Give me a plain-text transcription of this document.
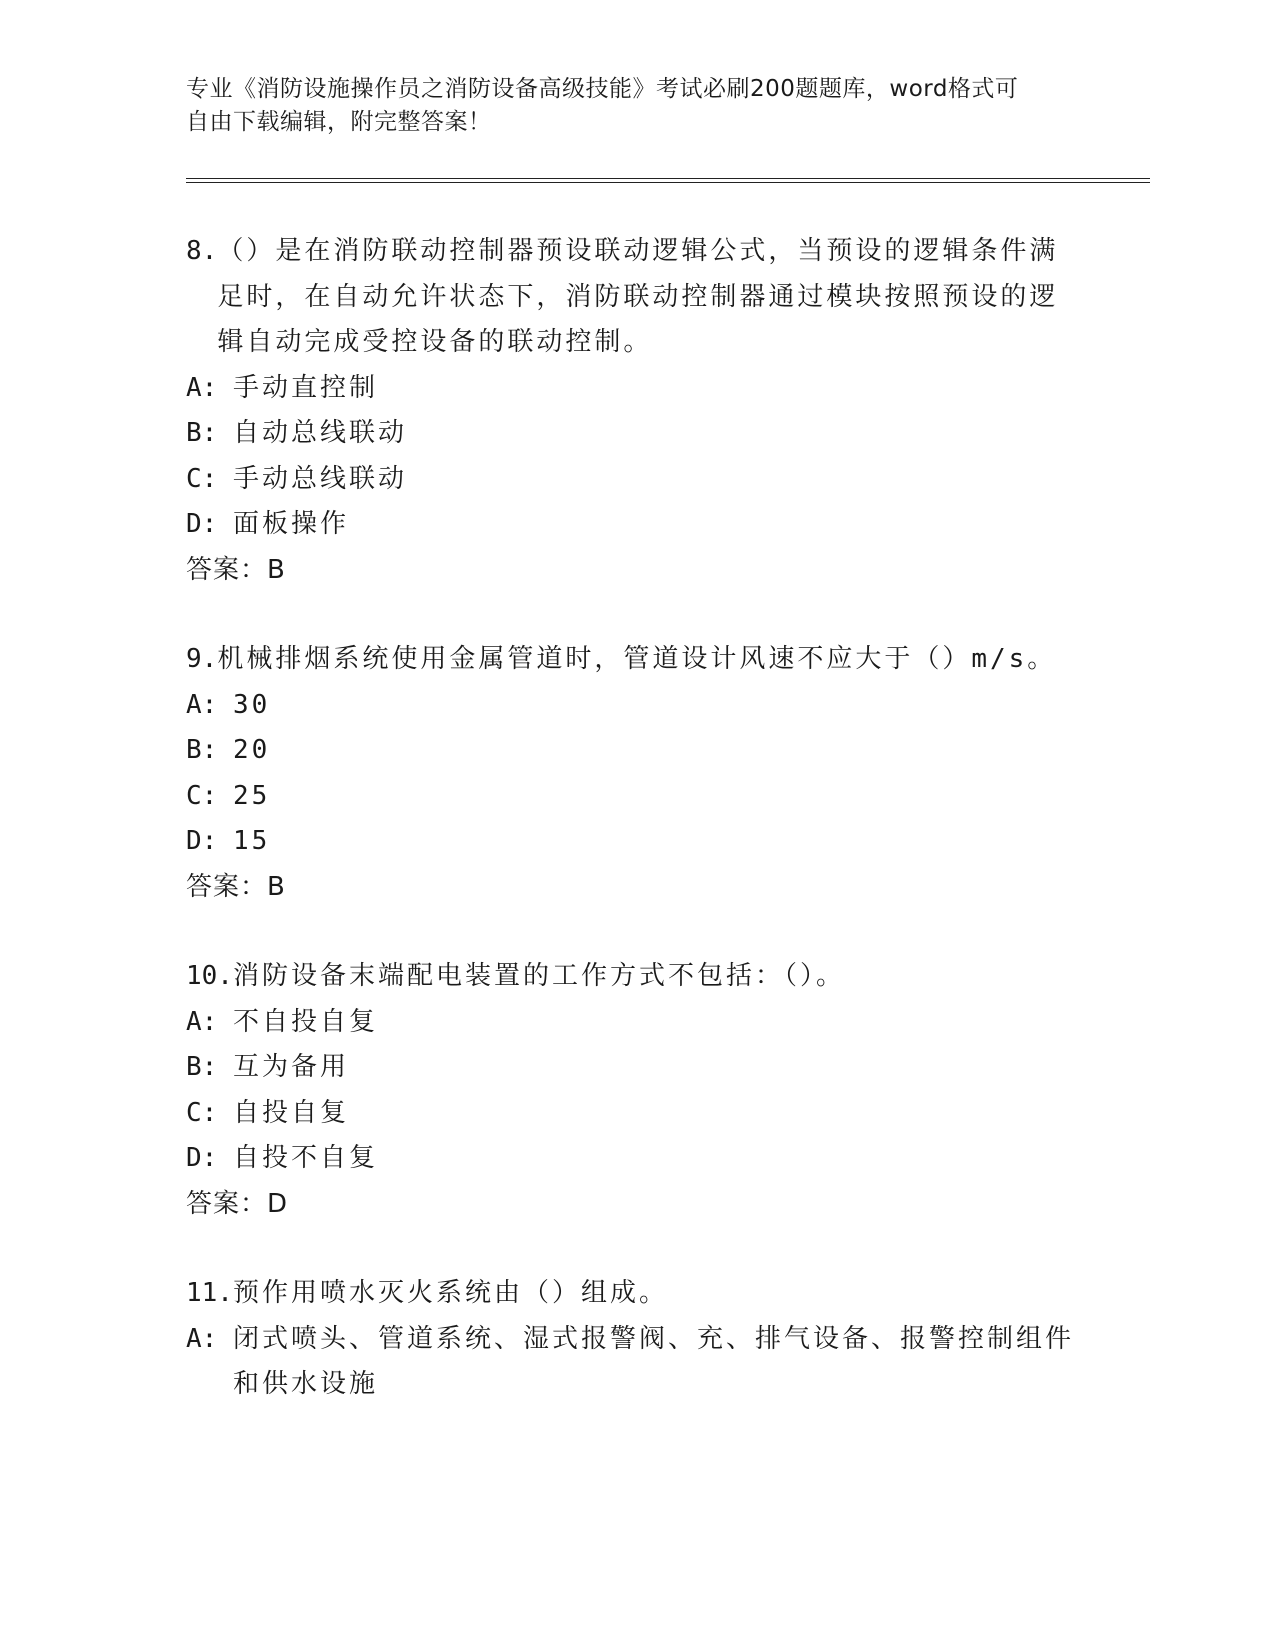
专业《消防设施操作员之消防设备高级技能》考试必刷200题题库，word格式可
自由下载编辑，附完整答案！
8. （）是在消防联动控制器预设联动逻辑公式，当预设的逻辑条件满足时，在自动允许状态下，消防联动控制器通过模块按照预设的逻辑自动完成受控设备的联动控制。
A : 手动直控制
B : 自动总线联动
C : 手动总线联动
D : 面板操作
答案：B
9. 机械排烟系统使用金属管道时，管道设计风速不应大于（）m/s。
A : 30
B : 20
C : 25
D : 15
答案：B
10. 消防设备末端配电装置的工作方式不包括：（）。
A : 不自投自复
B : 互为备用
C : 自投自复
D : 自投不自复
答案：D
11. 预作用喷水灭火系统由（）组成。
A : 闭式喷头、管道系统、湿式报警阀、充、排气设备、报警控制组件和供水设施
